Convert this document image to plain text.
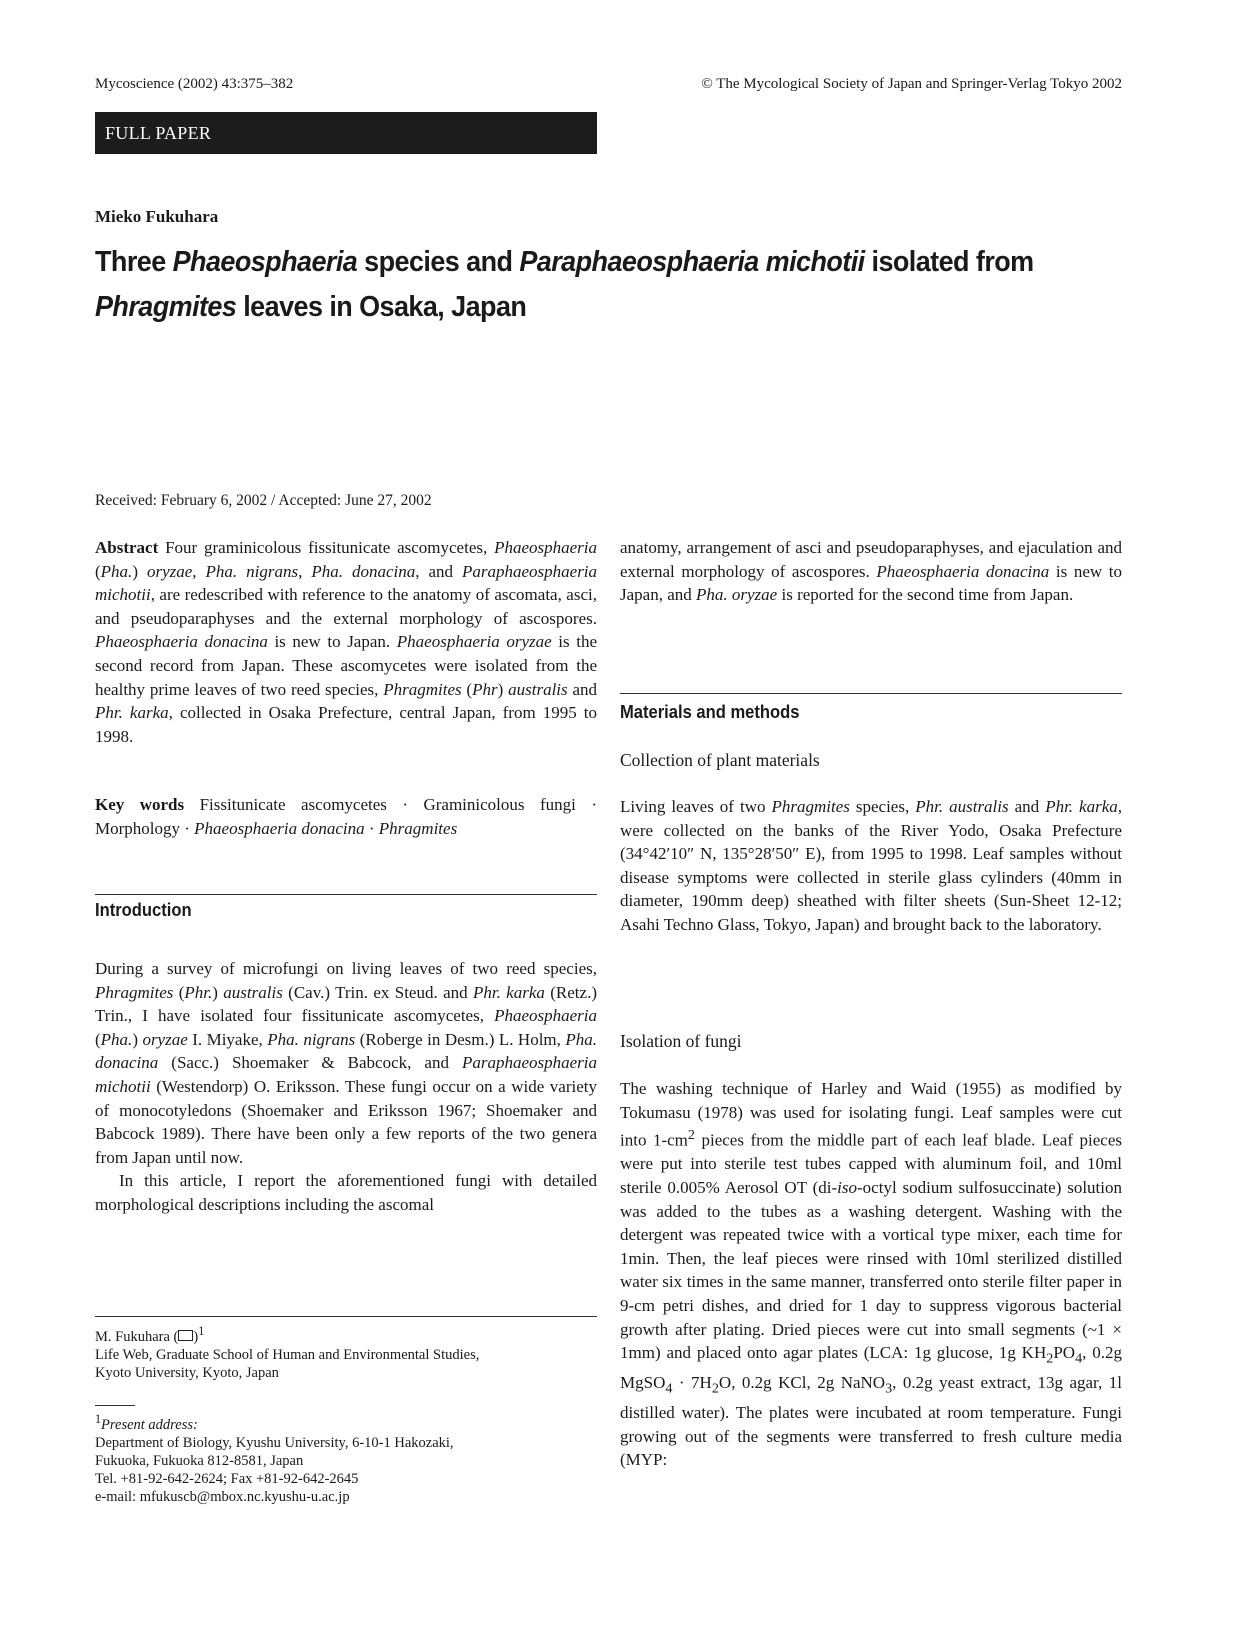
Mycoscience (2002) 43:375–382	© The Mycological Society of Japan and Springer-Verlag Tokyo 2002
FULL PAPER
Mieko Fukuhara
Three Phaeosphaeria species and Paraphaeosphaeria michotii isolated from Phragmites leaves in Osaka, Japan
Received: February 6, 2002 / Accepted: June 27, 2002

Abstract Four graminicolous fissitunicate ascomycetes, Phaeosphaeria (Pha.) oryzae, Pha. nigrans, Pha. donacina, and Paraphaeosphaeria michotii, are redescribed with reference to the anatomy of ascomata, asci, and pseudoparaphyses and the external morphology of ascospores. Phaeosphaeria donacina is new to Japan. Phaeosphaeria oryzae is the second record from Japan. These ascomycetes were isolated from the healthy prime leaves of two reed species, Phragmites (Phr) australis and Phr. karka, collected in Osaka Prefecture, central Japan, from 1995 to 1998.

Key words Fissitunicate ascomycetes · Graminicolous fungi · Morphology · Phaeosphaeria donacina · Phragmites

Introduction

During a survey of microfungi on living leaves of two reed species, Phragmites (Phr.) australis (Cav.) Trin. ex Steud. and Phr. karka (Retz.) Trin., I have isolated four fissitunicate ascomycetes, Phaeosphaeria (Pha.) oryzae I. Miyake, Pha. nigrans (Roberge in Desm.) L. Holm, Pha. donacina (Sacc.) Shoemaker & Babcock, and Paraphaeosphaeria michotii (Westendorp) O. Eriksson. These fungi occur on a wide variety of monocotyledons (Shoemaker and Eriksson 1967; Shoemaker and Babcock 1989). There have been only a few reports of the two genera from Japan until now.

In this article, I report the aforementioned fungi with detailed morphological descriptions including the ascomal

M. Fukuhara ( )$^1$
Life Web, Graduate School of Human and Environmental Studies,
Kyoto University, Kyoto, Japan
$^1$Present address:
Department of Biology, Kyushu University, 6-10-1 Hakozaki,
Fukuoka, Fukuoka 812-8581, Japan
Tel. +81-92-642-2624; Fax +81-92-642-2645
e-mail: mfukuscb@mbox.nc.kyushu-u.ac.jp

anatomy, arrangement of asci and pseudoparaphyses, and ejaculation and external morphology of ascospores. Phaeosphaeria donacina is new to Japan, and Pha. oryzae is reported for the second time from Japan.

Materials and methods
Collection of plant materials

Living leaves of two Phragmites species, Phr. australis and Phr. karka, were collected on the banks of the River Yodo, Osaka Prefecture (34°42′10″ N, 135°28′50″ E), from 1995 to 1998. Leaf samples without disease symptoms were collected in sterile glass cylinders (40mm in diameter, 190mm deep) sheathed with filter sheets (Sun-Sheet 12-12; Asahi Techno Glass, Tokyo, Japan) and brought back to the laboratory.

Isolation of fungi

The washing technique of Harley and Waid (1955) as modified by Tokumasu (1978) was used for isolating fungi. Leaf samples were cut into $1-cm^2$ pieces from the middle part of each leaf blade. Leaf pieces were put into sterile test tubes capped with aluminum foil, and 10ml sterile 0.005% Aerosol OT (di-iso-octyl sodium sulfosuccinate) solution was added to the tubes as a washing detergent. Washing with the detergent was repeated twice with a vortical type mixer, each time for 1min. Then, the leaf pieces were rinsed with 10ml sterilized distilled water six times in the same manner, transferred onto sterile filter paper in 9-cm petri dishes, and dried for 1 day to suppress vigorous bacterial growth after plating. Dried pieces were cut into small segments (~1 × 1mm) and placed onto agar plates (LCA: 1g glucose, 1g $KH_2PO_4$, 0.2g MgSO$_4$ · $7H_2O$, 0.2g KCl, 2g NaNO$_3$, 0.2g yeast extract, 13g agar, 1l distilled water). The plates were incubated at room temperature. Fungi growing out of the segments were transferred to fresh culture media (MYP:
